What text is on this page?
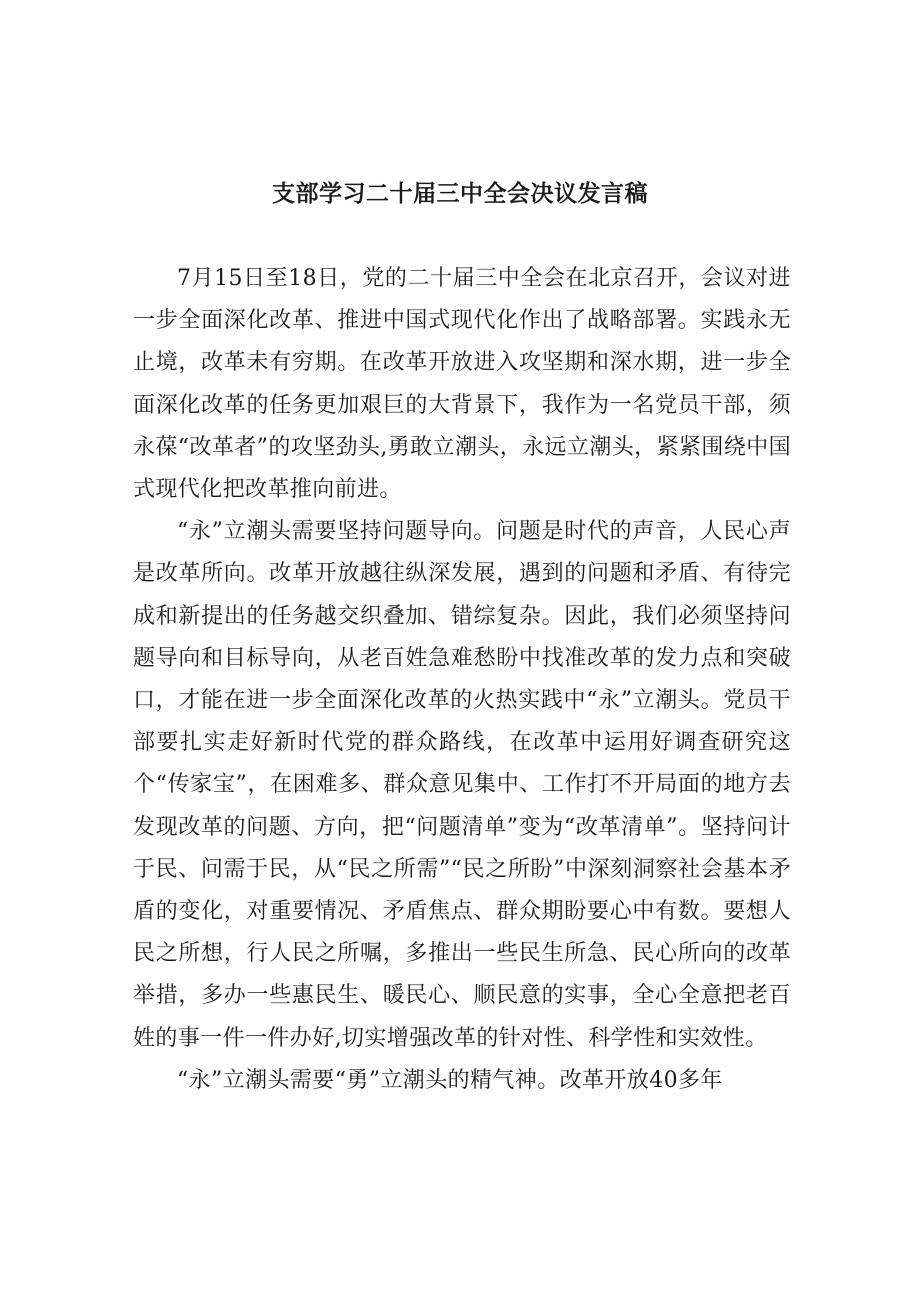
支部学习二十届三中全会决议发言稿

7月15日至18日，党的二十届三中全会在北京召开，会议对进一步全面深化改革、推进中国式现代化作出了战略部署。实践永无止境，改革未有穷期。在改革开放进入攻坚期和深水期，进一步全面深化改革的任务更加艰巨的大背景下，我作为一名党员干部，须永葆“改革者”的攻坚劲头,勇敢立潮头，永远立潮头，紧紧围绕中国式现代化把改革推向前进。

“永”立潮头需要坚持问题导向。问题是时代的声音，人民心声是改革所向。改革开放越往纵深发展，遇到的问题和矛盾、有待完成和新提出的任务越交织叠加、错综复杂。因此，我们必须坚持问题导向和目标导向，从老百姓急难愁盼中找准改革的发力点和突破口，才能在进一步全面深化改革的火热实践中“永”立潮头。党员干部要扎实走好新时代党的群众路线，在改革中运用好调查研究这个“传家宝”，在困难多、群众意见集中、工作打不开局面的地方去发现改革的问题、方向，把“问题清单”变为“改革清单”。坚持问计于民、问需于民，从“民之所需”“民之所盼”中深刻洞察社会基本矛盾的变化，对重要情况、矛盾焦点、群众期盼要心中有数。要想人民之所想，行人民之所嘱，多推出一些民生所急、民心所向的改革举措，多办一些惠民生、暖民心、顺民意的实事，全心全意把老百姓的事一件一件办好,切实增强改革的针对性、科学性和实效性。

“永”立潮头需要“勇”立潮头的精气神。改革开放40多年
